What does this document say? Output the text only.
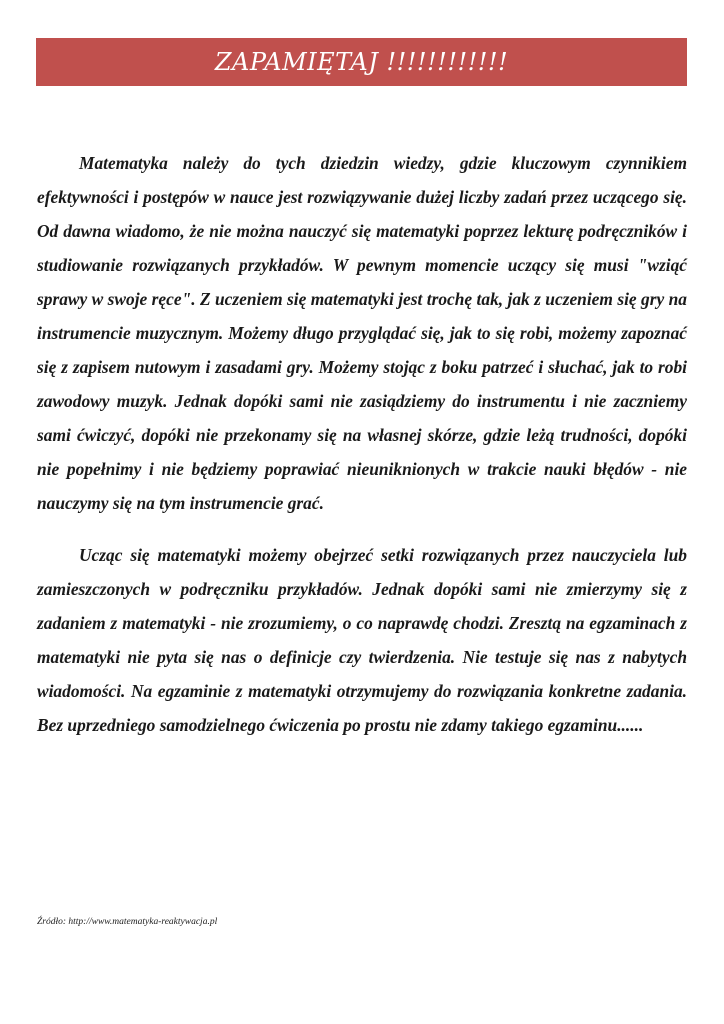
ZAPAMIĘTAJ !!!!!!!!!!!!

Matematyka należy do tych dziedzin wiedzy, gdzie kluczowym czynnikiem efektywności i postępów w nauce jest rozwiązywanie dużej liczby zadań przez uczącego się. Od dawna wiadomo, że nie można nauczyć się matematyki poprzez lekturę podręczników i studiowanie rozwiązanych przykładów. W pewnym momencie uczący się musi "wziąć sprawy w swoje ręce". Z uczeniem się matematyki jest trochę tak, jak z uczeniem się gry na instrumencie muzycznym. Możemy długo przyglądać się, jak to się robi, możemy zapoznać się z zapisem nutowym i zasadami gry. Możemy stojąc z boku patrzeć i słuchać, jak to robi zawodowy muzyk. Jednak dopóki sami nie zasiądziemy do instrumentu i nie zaczniemy sami ćwiczyć, dopóki nie przekonamy się na własnej skórze, gdzie leżą trudności, dopóki nie popełnimy i nie będziemy poprawiać nieuniknionych w trakcie nauki błędów - nie nauczymy się na tym instrumencie grać.

Ucząc się matematyki możemy obejrzeć setki rozwiązanych przez nauczyciela lub zamieszczonych w podręczniku przykładów. Jednak dopóki sami nie zmierzymy się z zadaniem z matematyki - nie zrozumiemy, o co naprawdę chodzi. Zresztą na egzaminach z matematyki nie pyta się nas o definicje czy twierdzenia. Nie testuje się nas z nabytych wiadomości. Na egzaminie z matematyki otrzymujemy do rozwiązania konkretne zadania. Bez uprzedniego samodzielnego ćwiczenia po prostu nie zdamy takiego egzaminu......

Źródło: http://www.matematyka-reaktywacja.pl
